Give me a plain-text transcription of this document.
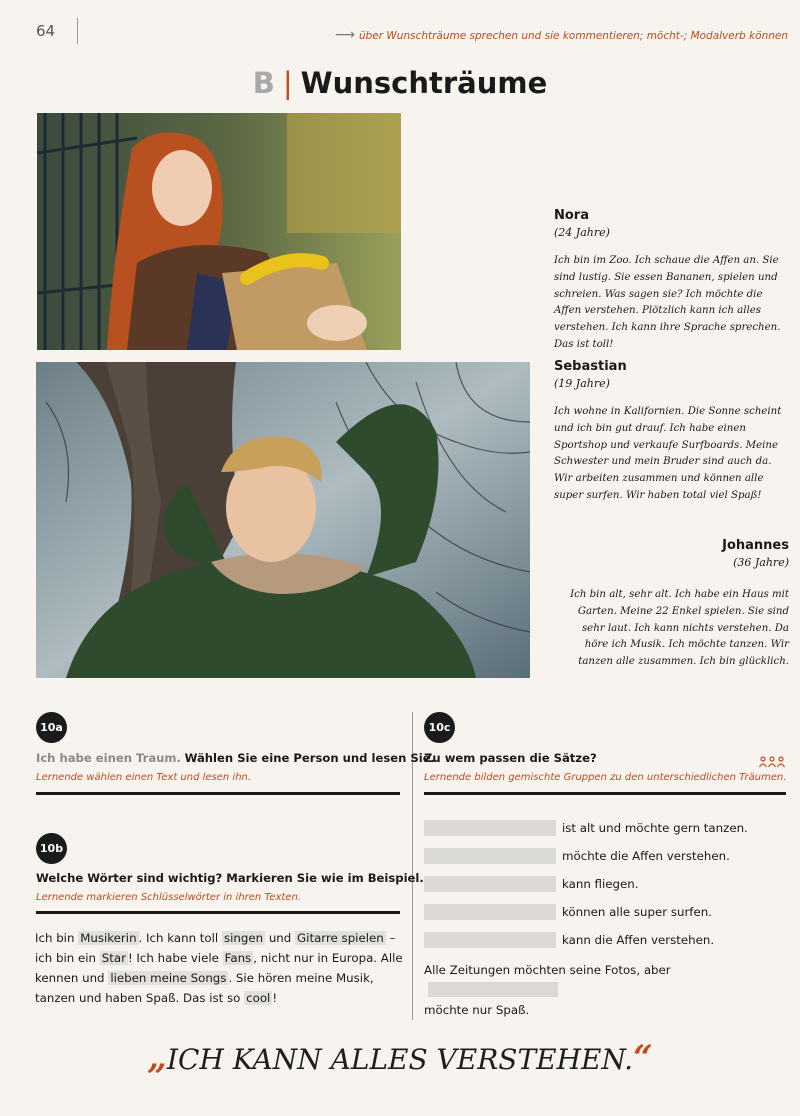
64	⟶ über Wunschträume sprechen und sie kommentieren; möcht-; Modalverb können
B | Wunschträume
Nora
(24 Jahre)
Ich bin im Zoo. Ich schaue die Affen an. Sie sind lustig. Sie essen Bananen, spielen und schreien. Was sagen sie? Ich möchte die Affen verstehen. Plötzlich kann ich alles verstehen. Ich kann ihre Sprache sprechen. Das ist toll!
Sebastian
(19 Jahre)
Ich wohne in Kalifornien. Die Sonne scheint und ich bin gut drauf. Ich habe einen Sportshop und verkaufe Surfboards. Meine Schwester und mein Bruder sind auch da. Wir arbeiten zusammen und können alle super surfen. Wir haben total viel Spaß!
Johannes
(36 Jahre)
Ich bin alt, sehr alt. Ich habe ein Haus mit Garten. Meine 22 Enkel spielen. Sie sind sehr laut. Ich kann nichts verstehen. Da höre ich Musik. Ich möchte tanzen. Wir tanzen alle zusammen. Ich bin glücklich.
10a
Ich habe einen Traum. Wählen Sie eine Person und lesen Sie.
Lernende wählen einen Text und lesen ihn.
10b
Welche Wörter sind wichtig? Markieren Sie wie im Beispiel.
Lernende markieren Schlüsselwörter in ihren Texten.
Ich bin Musikerin . Ich kann toll singen und Gitarre spielen – ich bin ein Star ! Ich habe viele Fans , nicht nur in Europa. Alle kennen und lieben meine Songs . Sie hören meine Musik, tanzen und haben Spaß. Das ist so cool !
10c
Zu wem passen die Sätze?
Lernende bilden gemischte Gruppen zu den unterschiedlichen Träumen.
ist alt und möchte gern tanzen.
möchte die Affen verstehen.
kann fliegen.
können alle super surfen.
kann die Affen verstehen.
Alle Zeitungen möchten seine Fotos, aber
möchte nur Spaß.
„ICH KANN ALLES VERSTEHEN.“
